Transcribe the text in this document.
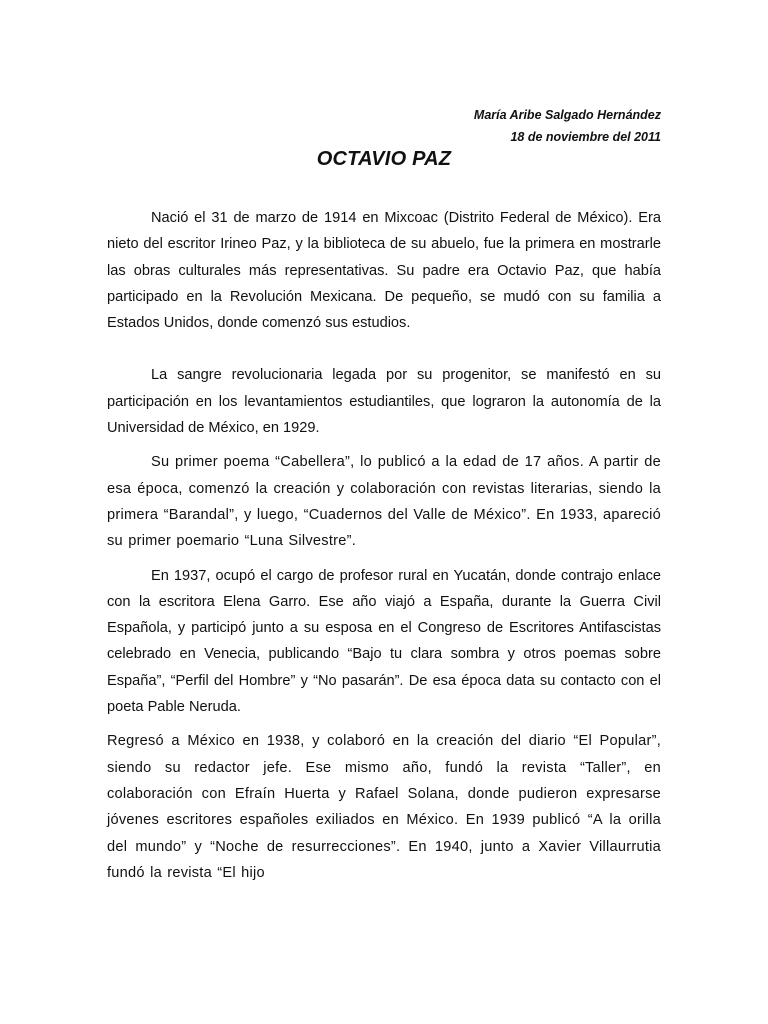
María Aribe Salgado Hernández
18 de noviembre del 2011
OCTAVIO PAZ

Nació el 31 de marzo de 1914 en Mixcoac (Distrito Federal de México). Era nieto del escritor Irineo Paz, y la biblioteca de su abuelo, fue la primera en mostrarle las obras culturales más representativas. Su padre era Octavio Paz, que había participado en la Revolución Mexicana. De pequeño, se mudó con su familia a Estados Unidos, donde comenzó sus estudios.

La sangre revolucionaria legada por su progenitor, se manifestó en su participación en los levantamientos estudiantiles, que lograron la autonomía de la Universidad de México, en 1929.

Su primer poema “Cabellera”, lo publicó a la edad de 17 años. A partir de esa época, comenzó la creación y colaboración con revistas literarias, siendo la primera “Barandal”, y luego, “Cuadernos del Valle de México”. En 1933, apareció su primer poemario “Luna Silvestre”.

En 1937, ocupó el cargo de profesor rural en Yucatán, donde contrajo enlace con la escritora Elena Garro. Ese año viajó a España, durante la Guerra Civil Española, y participó junto a su esposa en el Congreso de Escritores Antifascistas celebrado en Venecia, publicando “Bajo tu clara sombra y otros poemas sobre España”, “Perfil del Hombre” y “No pasarán”. De esa época data su contacto con el poeta Pable Neruda.

Regresó a México en 1938, y colaboró en la creación del diario “El Popular”, siendo su redactor jefe. Ese mismo año, fundó la revista “Taller”, en colaboración con Efraín Huerta y Rafael Solana, donde pudieron expresarse jóvenes escritores españoles exiliados en México. En 1939 publicó “A la orilla del mundo” y “Noche de resurrecciones”. En 1940, junto a Xavier Villaurrutia fundó la revista “El hijo
